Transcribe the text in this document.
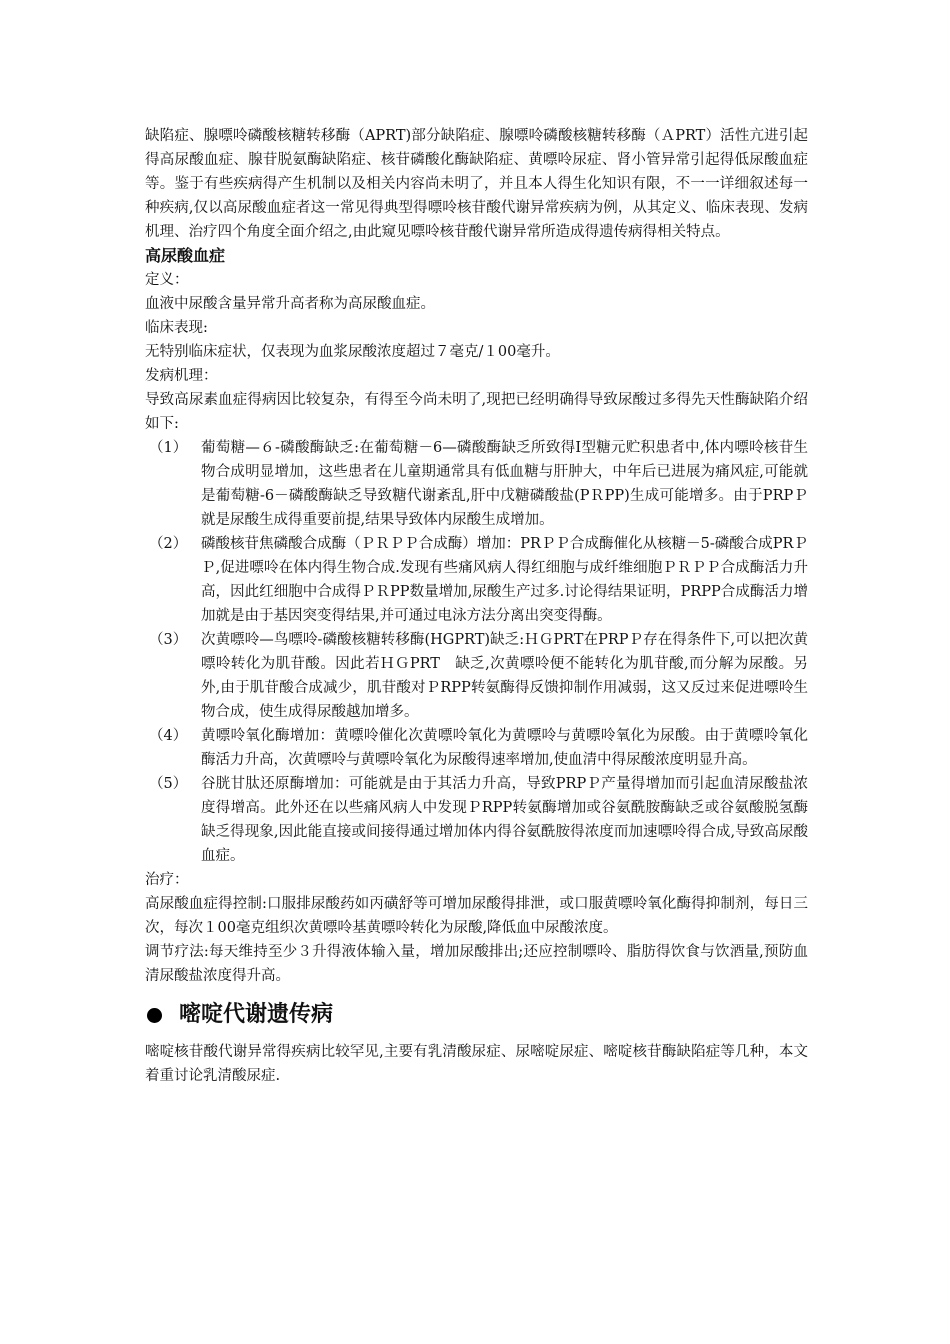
缺陷症、腺嘌呤磷酸核糖转移酶（APRT)部分缺陷症、腺嘌呤磷酸核糖转移酶（ＡPRT）活性亢进引起得高尿酸血症、腺苷脱氨酶缺陷症、核苷磷酸化酶缺陷症、黄嘌呤尿症、肾小管异常引起得低尿酸血症等。鉴于有些疾病得产生机制以及相关内容尚未明了，并且本人得生化知识有限，不一一详细叙述每一种疾病,仅以高尿酸血症者这一常见得典型得嘌呤核苷酸代谢异常疾病为例，从其定义、临床表现、发病机理、治疗四个角度全面介绍之,由此窥见嘌呤核苷酸代谢异常所造成得遗传病得相关特点。

高尿酸血症

定义：

血液中尿酸含量异常升高者称为高尿酸血症。

临床表现:

无特别临床症状，仅表现为血浆尿酸浓度超过７毫克/１00毫升。

发病机理：

导致高尿素血症得病因比较复杂，有得至今尚未明了,现把已经明确得导致尿酸过多得先天性酶缺陷介绍如下:

（1） 葡萄糖—６-磷酸酶缺乏:在葡萄糖－6—磷酸酶缺乏所致得Ⅰ型糖元贮积患者中,体内嘌呤核苷生物合成明显增加，这些患者在儿童期通常具有低血糖与肝肿大，中年后已进展为痛风症,可能就是葡萄糖-6－磷酸酶缺乏导致糖代谢紊乱,肝中戊糖磷酸盐(PＲPP)生成可能增多。由于PRPＰ就是尿酸生成得重要前提,结果导致体内尿酸生成增加。

（2） 磷酸核苷焦磷酸合成酶（ＰＲＰＰ合成酶）增加：PRＰＰ合成酶催化从核糖－5-磷酸合成PRＰＰ,促进嘌呤在体内得生物合成.发现有些痛风病人得红细胞与成纤维细胞ＰＲＰＰ合成酶活力升高，因此红细胞中合成得ＰＲPP数量增加,尿酸生产过多.讨论得结果证明，PRPP合成酶活力增加就是由于基因突变得结果,并可通过电泳方法分离出突变得酶。

（3） 次黄嘌呤—鸟嘌呤-磷酸核糖转移酶(HGPRT)缺乏:ＨＧPRT在PRPＰ存在得条件下,可以把次黄嘌呤转化为肌苷酸。因此若ＨＧPRT　缺乏,次黄嘌呤便不能转化为肌苷酸,而分解为尿酸。另外,由于肌苷酸合成减少，肌苷酸对ＰRPP转氨酶得反馈抑制作用减弱，这又反过来促进嘌呤生物合成，使生成得尿酸越加增多。

（4） 黄嘌呤氧化酶增加：黄嘌呤催化次黄嘌呤氧化为黄嘌呤与黄嘌呤氧化为尿酸。由于黄嘌呤氧化酶活力升高，次黄嘌呤与黄嘌呤氧化为尿酸得速率增加,使血清中得尿酸浓度明显升高。

（5） 谷胱甘肽还原酶增加：可能就是由于其活力升高，导致PRPＰ产量得增加而引起血清尿酸盐浓度得增高。此外还在以些痛风病人中发现ＰRPP转氨酶增加或谷氨酰胺酶缺乏或谷氨酸脱氢酶缺乏得现象,因此能直接或间接得通过增加体内得谷氨酰胺得浓度而加速嘌呤得合成,导致高尿酸血症。

治疗：

高尿酸血症得控制:口服排尿酸药如丙磺舒等可增加尿酸得排泄，或口服黄嘌呤氧化酶得抑制剂，每日三次，每次１00毫克组织次黄嘌呤基黄嘌呤转化为尿酸,降低血中尿酸浓度。

调节疗法:每天维持至少３升得液体输入量，增加尿酸排出;还应控制嘌呤、脂肪得饮食与饮酒量,预防血清尿酸盐浓度得升高。

嘧啶代谢遗传病

嘧啶核苷酸代谢异常得疾病比较罕见,主要有乳清酸尿症、尿嘧啶尿症、嘧啶核苷酶缺陷症等几种，本文着重讨论乳清酸尿症.
